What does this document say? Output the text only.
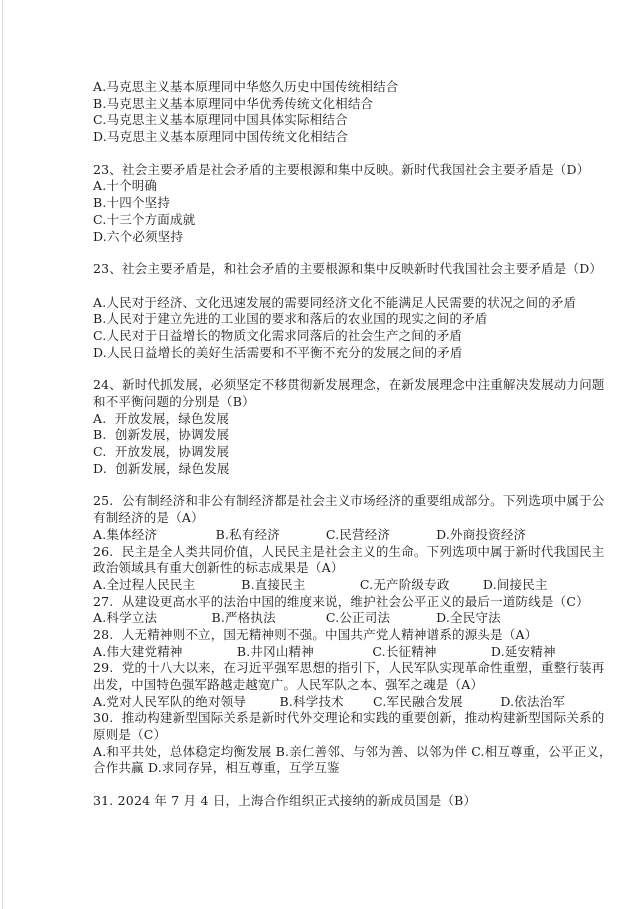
A.马克思主义基本原理同中华悠久历史中国传统相结合
B.马克思主义基本原理同中华优秀传统文化相结合
C.马克思主义基本原理同中国具体实际相结合
D.马克思主义基本原理同中国传统文化相结合
23、社会主要矛盾是社会矛盾的主要根源和集中反映。新时代我国社会主要矛盾是（D）
A.十个明确
B.十四个坚持
C.十三个方面成就
D.六个必须坚持
23、社会主要矛盾是，和社会矛盾的主要根源和集中反映新时代我国社会主要矛盾是（D）
A.人民对于经济、文化迅速发展的需要同经济文化不能满足人民需要的状况之间的矛盾
B.人民对于建立先进的工业国的要求和落后的农业国的现实之间的矛盾
C.人民对于日益增长的物质文化需求同落后的社会生产之间的矛盾
D.人民日益增长的美好生活需要和不平衡不充分的发展之间的矛盾
24、新时代抓发展，必须坚定不移贯彻新发展理念，在新发展理念中注重解决发展动力问题
和不平衡问题的分别是（B）
A.  开放发展，绿色发展
B.  创新发展，协调发展
C.  开放发展，协调发展
D.  创新发展，绿色发展
25.  公有制经济和非公有制经济都是社会主义市场经济的重要组成部分。下列选项中属于公
有制经济的是（A）
A.集体经济              B.私有经济           C.民营经济           D.外商投资经济
26.  民主是全人类共同价值，人民民主是社会主义的生命。下列选项中属于新时代我国民主
政治领域具有重大创新性的标志成果是（A）
A.全过程人民民主           B.直接民主             C.无产阶级专政        D.间接民主
27.  从建设更高水平的法治中国的维度来说，维护社会公平正义的最后一道防线是（C）
A.科学立法             B.严格执法            C.公正司法           D.全民守法
28.  人无精神则不立，国无精神则不强。中国共产党人精神谱系的源头是（A）
A.伟大建党精神             B.井冈山精神              C.长征精神             D.延安精神
29.  党的十八大以来，在习近平强军思想的指引下，人民军队实现革命性重塑，重整行装再
出发，中国特色强军路越走越宽广。人民军队之本、强军之魂是（A）
A.党对人民军队的绝对领导        B.科学技术       C.军民融合发展         D.依法治军
30.  推动构建新型国际关系是新时代外交理论和实践的重要创新，推动构建新型国际关系的
原则是（C）
A.和平共处，总体稳定均衡发展 B.亲仁善邻、与邻为善、以邻为伴 C.相互尊重，公平正义，
合作共赢 D.求同存异，相互尊重，互学互鉴
31. 2024 年 7 月 4 日，上海合作组织正式接纳的新成员国是（B）
